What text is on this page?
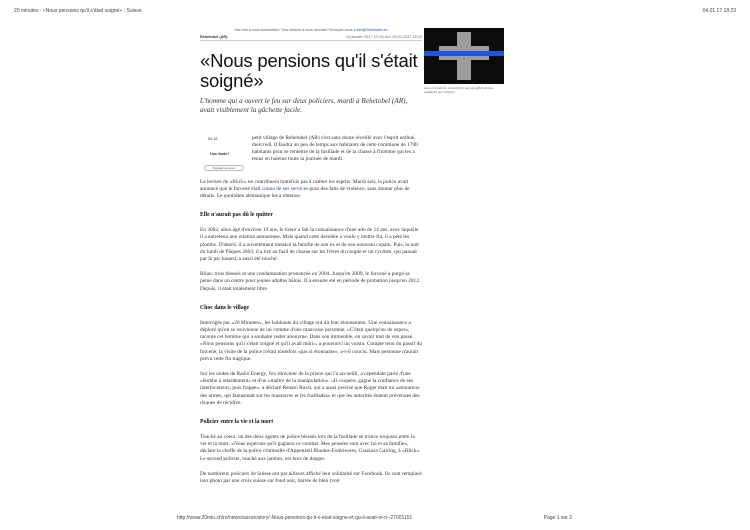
20 minutes - «Nous pensions qu'il s'était soigné» - Suisse	04.01.17 18:23
Une info à nous transmettre? Une histoire à nous raconter? Envoyez-nous à info@20minutes.ch
Rehetobel (AR)	04 janvier 2017 10:34; Act: 04.01.2017 18:22
«Nous pensions qu'il s'était soigné»

L'homme qui a ouvert le feu sur deux policiers, mardi à Rehetobel (AR), avait visiblement la gâchette facile.

64 18
Une faute?
Signaler-la-nous!

petit village de Rehetobel (AR) s'est sans doute réveillé avec l'esprit embué, mercredi. Il faudra un peu de temps aux habitants de cette commune de 1700 habitants pour se remettre de la fusillade et de la chasse à l'homme qui les a tenus en haleine toute la journée de mardi.

La lecture de «Blick» ne contribuera toutefois pas à calmer les esprits. Mardi soir, la police avait annoncé que le forcené était connu de ses services pour des faits de violence, sans donner plus de détails. Le quotidien alémanique les a obtenus.

Elle n'aurait pas dû le quitter

En 2002, alors âgé d'environ 19 ans, le tireur a fait la connaissance d'une ado de 14 ans, avec laquelle il a entretenu une relation amoureuse. Mais quand cette dernière a voulu y mettre fin, il a pété les plombs. D'abord, il a ouvertement menacé la famille de son ex et de son nouveau copain. Puis, la nuit du lundi de Pâques 2003, il a tiré au fusil de chasse sur les frères du couple et un cycliste, qui passait par là par hasard, a aussi été touché.

Bilan: trois blessés et une condamnation prononcée en 2004. Jusqu'en 2009, le forcené a purgé sa peine dans un centre pour jeunes adultes bâlois. Il a ensuite été en période de probation jusqu'en 2012. Depuis, il était totalement libre.

Choc dans le village

Interrogés par «20 Minuten», les habitants du village ont dit leur étonnement. Une connaissance a déploré qu'on se souvienne de lui comme d'une mauvaise personne. «C'était quelqu'un de super», raconte cet homme qui a souhaité rester anonyme. Dans son immeuble, on savait tout de son passé. «Nous pensions qu'il s'était soigné et qu'il avait mûri», a poursuivi un voisin. Compte tenu du passif du forcené, la visite de la police n'était toutefois «pas si étonnante», a-t-il conclu. Mais personne n'aurait prévu cette fin tragique.

Sur les ondes de Radio Energy, l'ex-directeur de la prison qui l'a accueilli, a cependant parlé d'une «bombe à retardement» et d'un «maître de la manipulation». «Il coopère, gagne la confiance de ses interlocuteurs, puis frappe», a déclaré Renato Rossi, qui a aussi précisé que Roger était un «amoureux des armes, qui fantasmait sur les massacres et les fusillades» et que les autorités étaient prévenues des risques de récidive.

Policier entre la vie et la mort

Touché au coeur, un des deux agents de police blessés lors de la fusillade se trouve toujours entre la vie et la mort. «Nous espérons qu'il gagnera ce combat. Mes pensées sont avec lui et sa famille», déclare la cheffe de la police criminelle d'Appenzell Rhodes-Extérieures, Graziosa Gairing, à «Blick». Le second policier, touché aux jambes, est hors de danger.

De nombreux policiers de Suisse ont par ailleurs affiché leur solidarité sur Facebook. Ils sont remplacé leur photo par une croix suisse sur fond noir, barrée de bleu (voir

Avec ce symbole, les policiers suisses affichent leur solidarité aux victimes.

http://www.20min.ch/ro/news/suisse/story/-Nous-pensions-qu-il-s-etait-soigne-et-qu-il-avait-m-ri--27601151	Page 1 sur 2
